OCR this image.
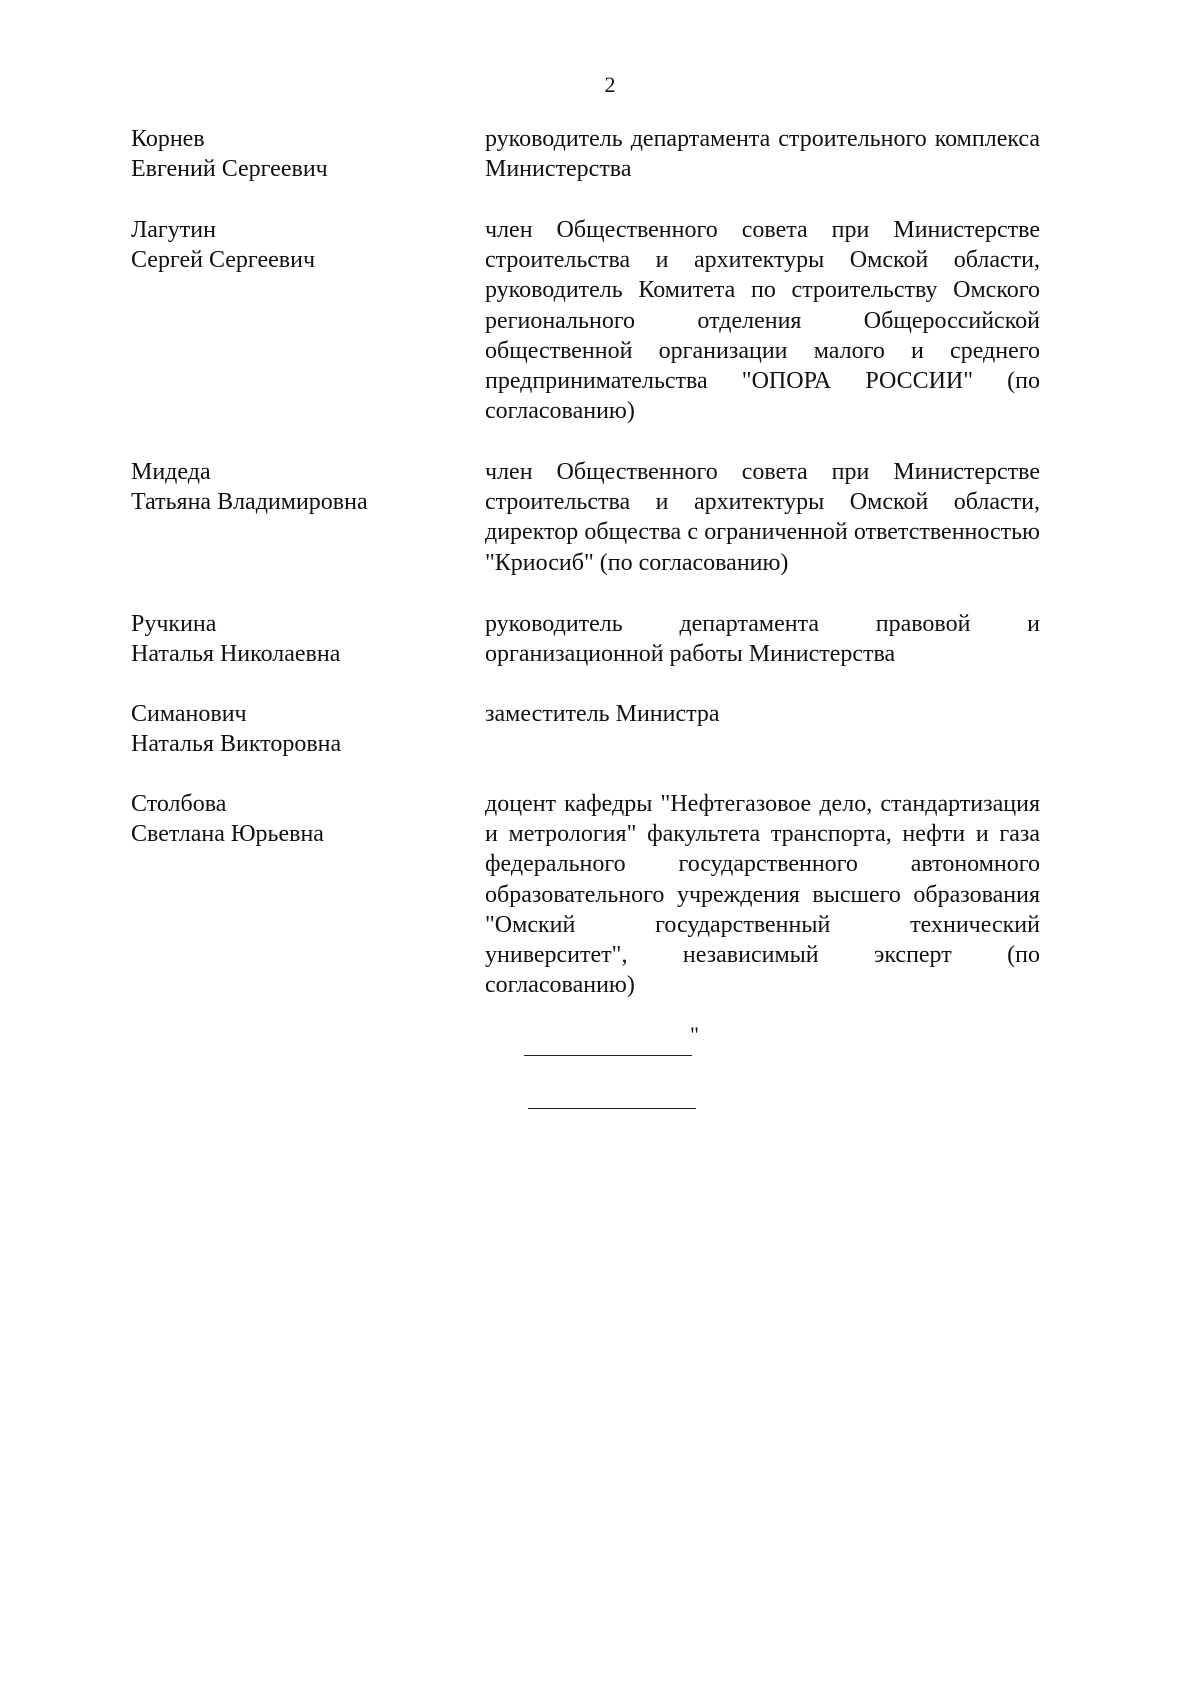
2
Корнев
Евгений Сергеевич
руководитель департамента строительного комплекса Министерства
Лагутин
Сергей Сергеевич
член Общественного совета при Министерстве строительства и архитектуры Омской области, руководитель Комитета по строительству Омского регионального отделения Общероссийской общественной организации малого и среднего предпринимательства "ОПОРА РОССИИ" (по согласованию)
Мидеда
Татьяна Владимировна
член Общественного совета при Министерстве строительства и архитектуры Омской области, директор общества с ограниченной ответственностью "Криосиб" (по согласованию)
Ручкина
Наталья Николаевна
руководитель департамента правовой и организационной работы Министерства
Симанович
Наталья Викторовна
заместитель Министра
Столбова
Светлана Юрьевна
доцент кафедры "Нефтегазовое дело, стандартизация и метрология" факультета транспорта, нефти и газа федерального государственного автономного образовательного учреждения высшего образования "Омский государственный технический университет", независимый эксперт (по согласованию)
"
